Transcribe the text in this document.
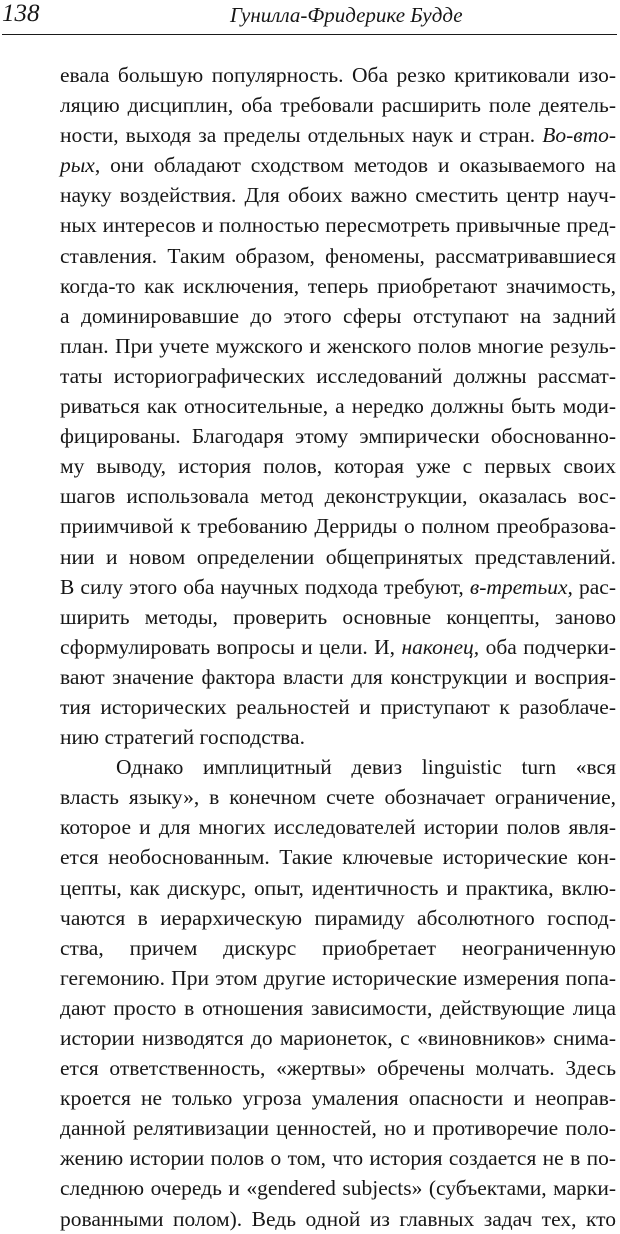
138	Гунилла-Фридерике Будде
евала большую популярность. Оба резко критиковали изо-
ляцию дисциплин, оба требовали расширить поле деятель-
ности, выходя за пределы отдельных наук и стран. Во-вто-
рых, они обладают сходством методов и оказываемого на
науку воздействия. Для обоих важно сместить центр науч-
ных интересов и полностью пересмотреть привычные пред-
ставления. Таким образом, феномены, рассматривавшиеся
когда-то как исключения, теперь приобретают значимость,
а доминировавшие до этого сферы отступают на задний
план. При учете мужского и женского полов многие резуль-
таты историографических исследований должны рассмат-
риваться как относительные, а нередко должны быть моди-
фицированы. Благодаря этому эмпирически обоснованно-
му выводу, история полов, которая уже с первых своих
шагов использовала метод деконструкции, оказалась вос-
приимчивой к требованию Дерриды о полном преобразова-
нии и новом определении общепринятых представлений.
В силу этого оба научных подхода требуют, в-третьих, рас-
ширить методы, проверить основные концепты, заново
сформулировать вопросы и цели. И, наконец, оба подчерки-
вают значение фактора власти для конструкции и восприя-
тия исторических реальностей и приступают к разоблаче-
нию стратегий господства.
Однако имплицитный девиз linguistic turn «вся
власть языку», в конечном счете обозначает ограничение,
которое и для многих исследователей истории полов явля-
ется необоснованным. Такие ключевые исторические кон-
цепты, как дискурс, опыт, идентичность и практика, вклю-
чаются в иерархическую пирамиду абсолютного господ-
ства, причем дискурс приобретает неограниченную
гегемонию. При этом другие исторические измерения попа-
дают просто в отношения зависимости, действующие лица
истории низводятся до марионеток, с «виновников» снима-
ется ответственность, «жертвы» обречены молчать. Здесь
кроется не только угроза умаления опасности и неоправ-
данной релятивизации ценностей, но и противоречие поло-
жению истории полов о том, что история создается не в по-
следнюю очередь и «gendered subjects» (субъектами, марки-
рованными полом). Ведь одной из главных задач тех, кто
